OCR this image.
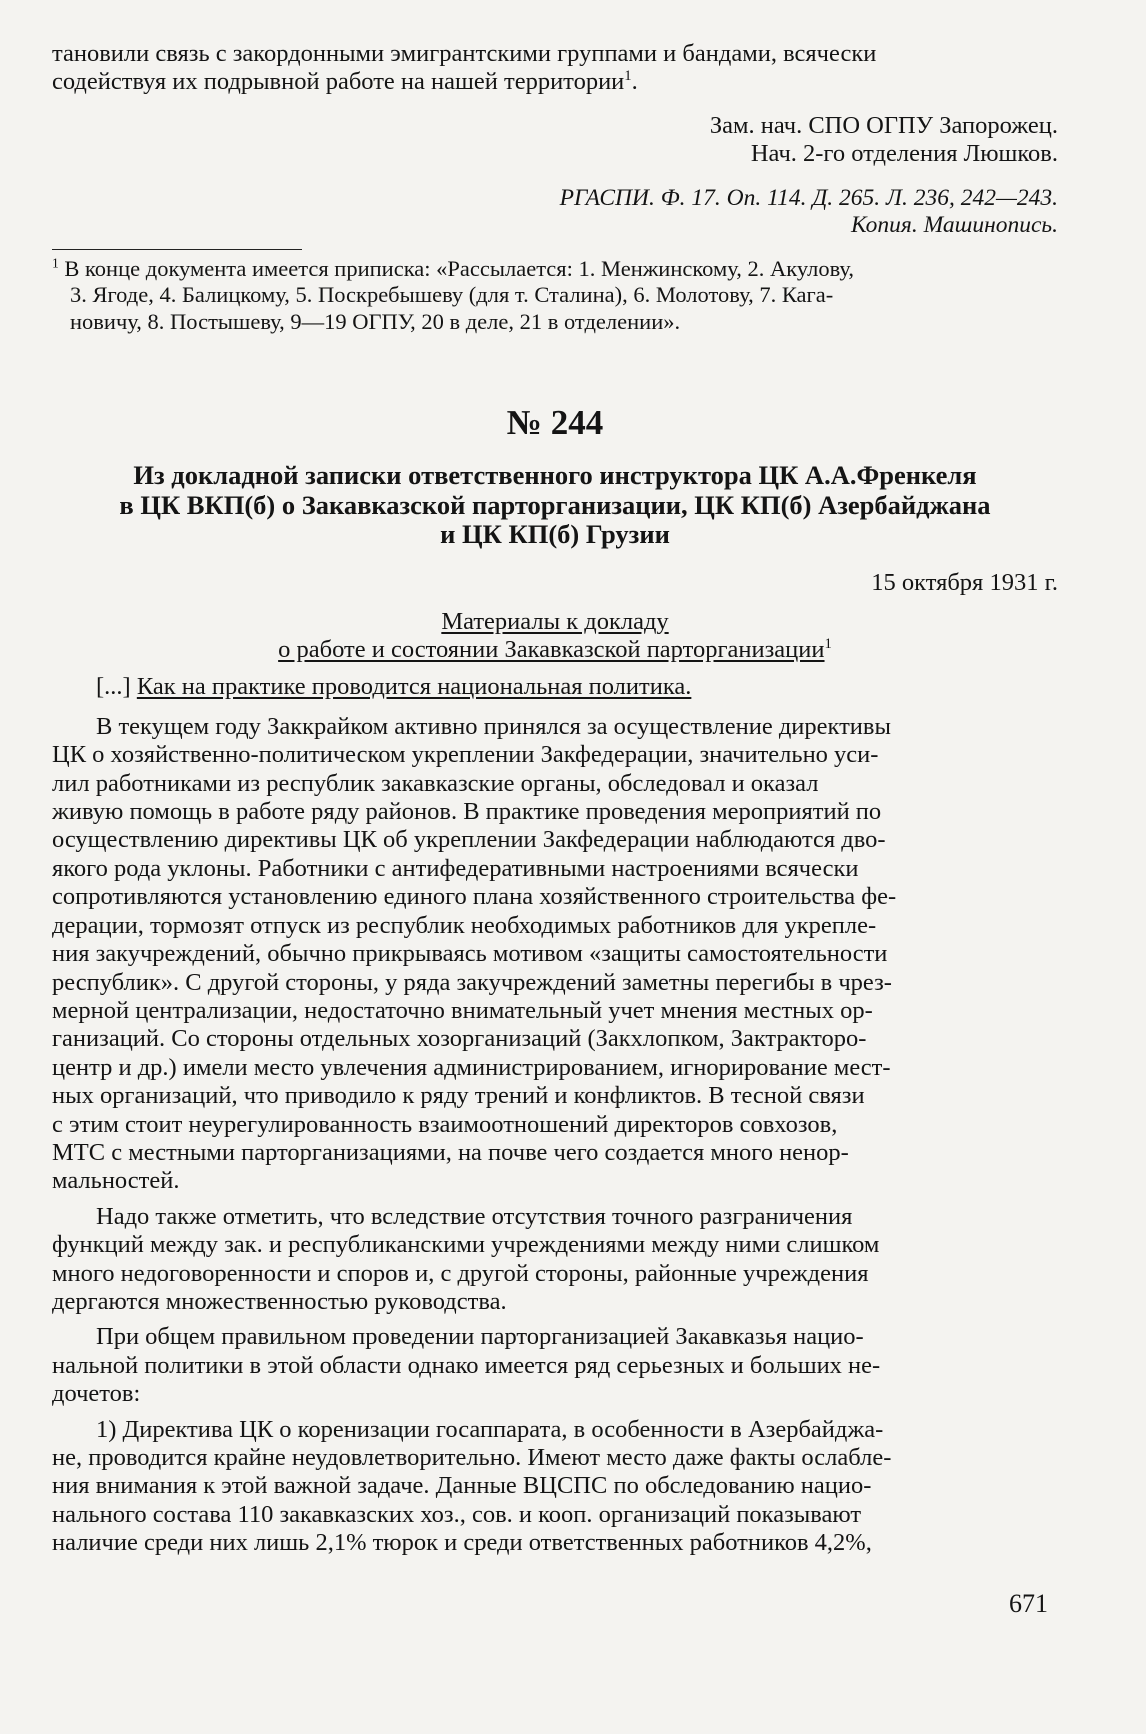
тановили связь с закордонными эмигрантскими группами и бандами, всячески

содействуя их подрывной работе на нашей территории$^1$.

Зам. нач. СПО ОГПУ Запорожец.

Нач. 2-го отделения Люшков.

РГАСПИ. Ф. 17. Оп. 114. Д. 265. Л. 236, 242—243.

Копия. Машинопись.

$^1$ В конце документа имеется приписка: «Рассылается: 1. Менжинскому, 2. Акулову,

3. Ягоде, 4. Балицкому, 5. Поскребышеву (для т. Сталина), 6. Молотову, 7. Кага-

новичу, 8. Постышеву, 9—19 ОГПУ, 20 в деле, 21 в отделении».

№ 244

Из докладной записки ответственного инструктора ЦК А.А.Френкеля

в ЦК ВКП(б) о Закавказской парторганизации, ЦК КП(б) Азербайджана

и ЦК КП(б) Грузии

15 октября 1931 г.

Материалы к докладу

о работе и состоянии Закавказской парторганизации$^1$

[...] Как на практике проводится национальная политика.

В текущем году Заккрайком активно принялся за осуществление директивы

ЦК о хозяйственно-политическом укреплении Закфедерации, значительно уси-

лил работниками из республик закавказские органы, обследовал и оказал

живую помощь в работе ряду районов. В практике проведения мероприятий по

осуществлению директивы ЦК об укреплении Закфедерации наблюдаются дво-

якого рода уклоны. Работники с антифедеративными настроениями всячески

сопротивляются установлению единого плана хозяйственного строительства фе-

дерации, тормозят отпуск из республик необходимых работников для укрепле-

ния закучреждений, обычно прикрываясь мотивом «защиты самостоятельности

республик». С другой стороны, у ряда закучреждений заметны перегибы в чрез-

мерной централизации, недостаточно внимательный учет мнения местных ор-

ганизаций. Со стороны отдельных хозорганизаций (Закхлопком, Зактракторо-

центр и др.) имели место увлечения администрированием, игнорирование мест-

ных организаций, что приводило к ряду трений и конфликтов. В тесной связи

с этим стоит неурегулированность взаимоотношений директоров совхозов,

МТС с местными парторганизациями, на почве чего создается много ненор-

мальностей.

Надо также отметить, что вследствие отсутствия точного разграничения

функций между зак. и республиканскими учреждениями между ними слишком

много недоговоренности и споров и, с другой стороны, районные учреждения

дергаются множественностью руководства.

При общем правильном проведении парторганизацией Закавказья нацио-

нальной политики в этой области однако имеется ряд серьезных и больших не-

дочетов:

1) Директива ЦК о коренизации госаппарата, в особенности в Азербайджа-

не, проводится крайне неудовлетворительно. Имеют место даже факты ослабле-

ния внимания к этой важной задаче. Данные ВЦСПС по обследованию нацио-

нального состава 110 закавказских хоз., сов. и кооп. организаций показывают

наличие среди них лишь 2,1% тюрок и среди ответственных работников 4,2%,

671
